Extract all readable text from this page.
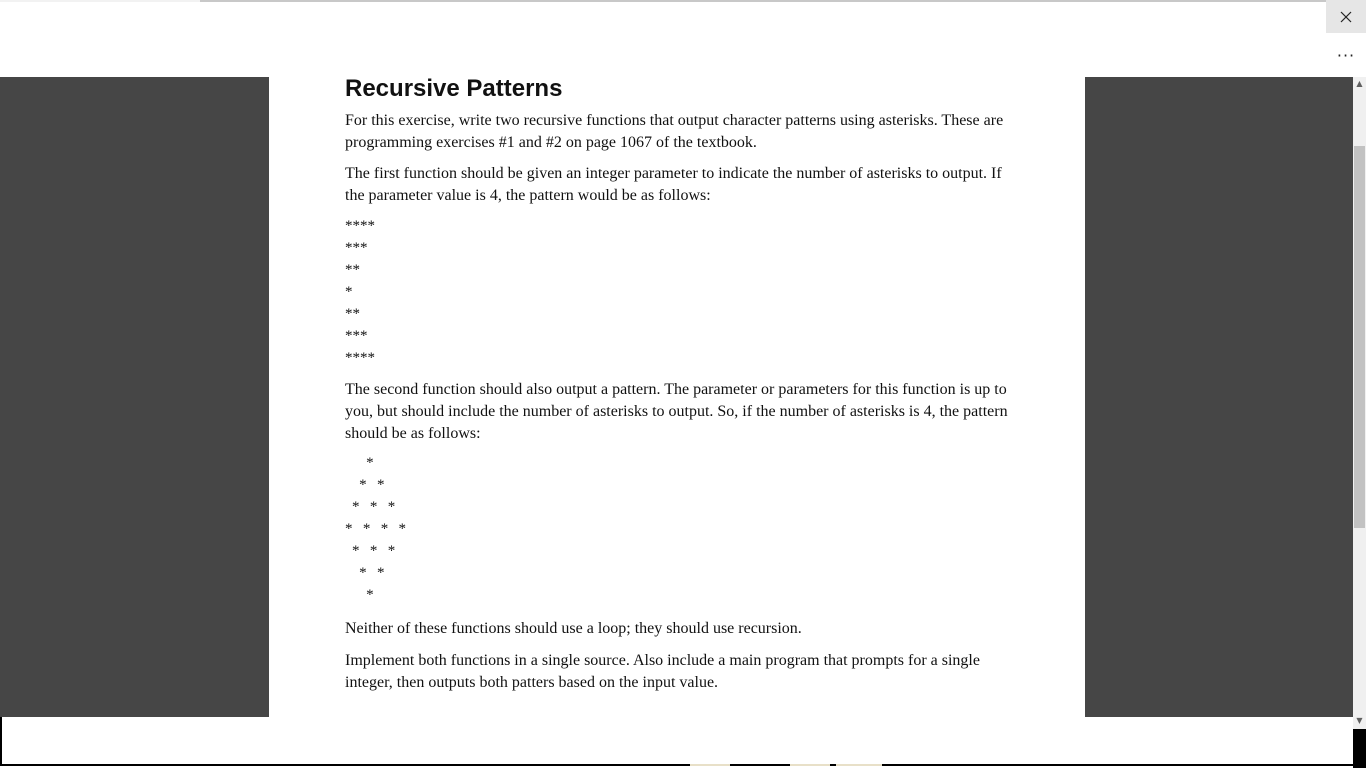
···
Recursive Patterns

For this exercise, write two recursive functions that output character patterns using asterisks. These are programming exercises #1 and #2 on page 1067 of the textbook.

The first function should be given an integer parameter to indicate the number of asterisks to output. If the parameter value is 4, the pattern would be as follows:

****
***
**
*
**
***
****

The second function should also output a pattern. The parameter or parameters for this function is up to you, but should include the number of asterisks to output. So, if the number of asterisks is 4, the pattern should be as follows:

*
* *
* * *
* * * *
* * *
* *
*

Neither of these functions should use a loop; they should use recursion.

Implement both functions in a single source. Also include a main program that prompts for a single integer, then outputs both patters based on the input value.

▲
▼
